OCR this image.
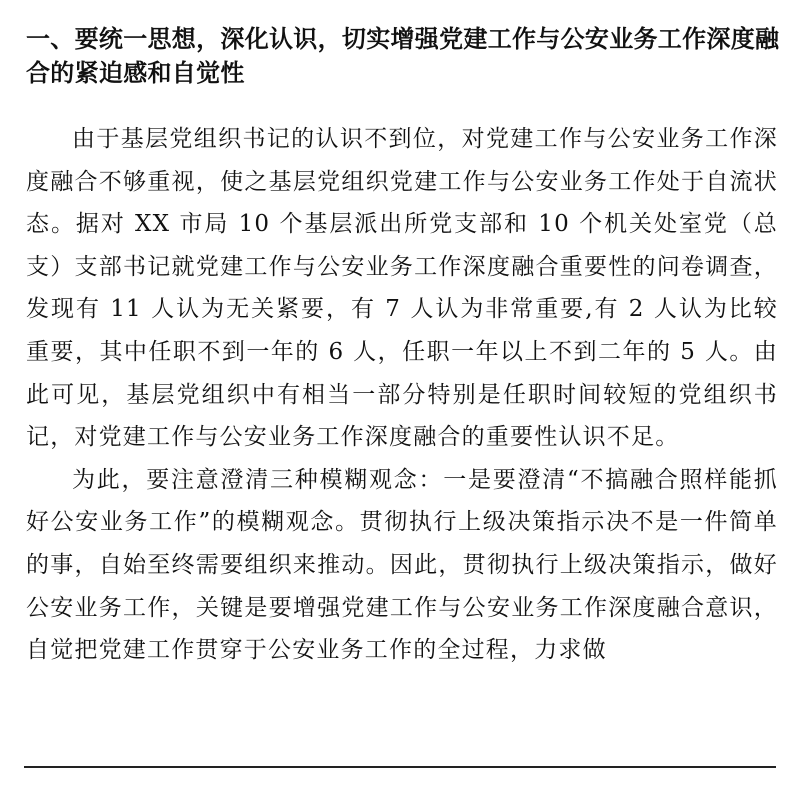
一、要统一思想，深化认识，切实增强党建工作与公安业务工作深度融合的紧迫感和自觉性

由于基层党组织书记的认识不到位，对党建工作与公安业务工作深度融合不够重视，使之基层党组织党建工作与公安业务工作处于自流状态。据对 XX 市局 10 个基层派出所党支部和 10 个机关处室党（总支）支部书记就党建工作与公安业务工作深度融合重要性的问卷调查，发现有 11 人认为无关紧要，有 7 人认为非常重要,有 2 人认为比较重要，其中任职不到一年的 6 人，任职一年以上不到二年的 5 人。由此可见，基层党组织中有相当一部分特别是任职时间较短的党组织书记，对党建工作与公安业务工作深度融合的重要性认识不足。

为此，要注意澄清三种模糊观念：一是要澄清“不搞融合照样能抓好公安业务工作”的模糊观念。贯彻执行上级决策指示决不是一件简单的事，自始至终需要组织来推动。因此，贯彻执行上级决策指示，做好公安业务工作，关键是要增强党建工作与公安业务工作深度融合意识，自觉把党建工作贯穿于公安业务工作的全过程，力求做
